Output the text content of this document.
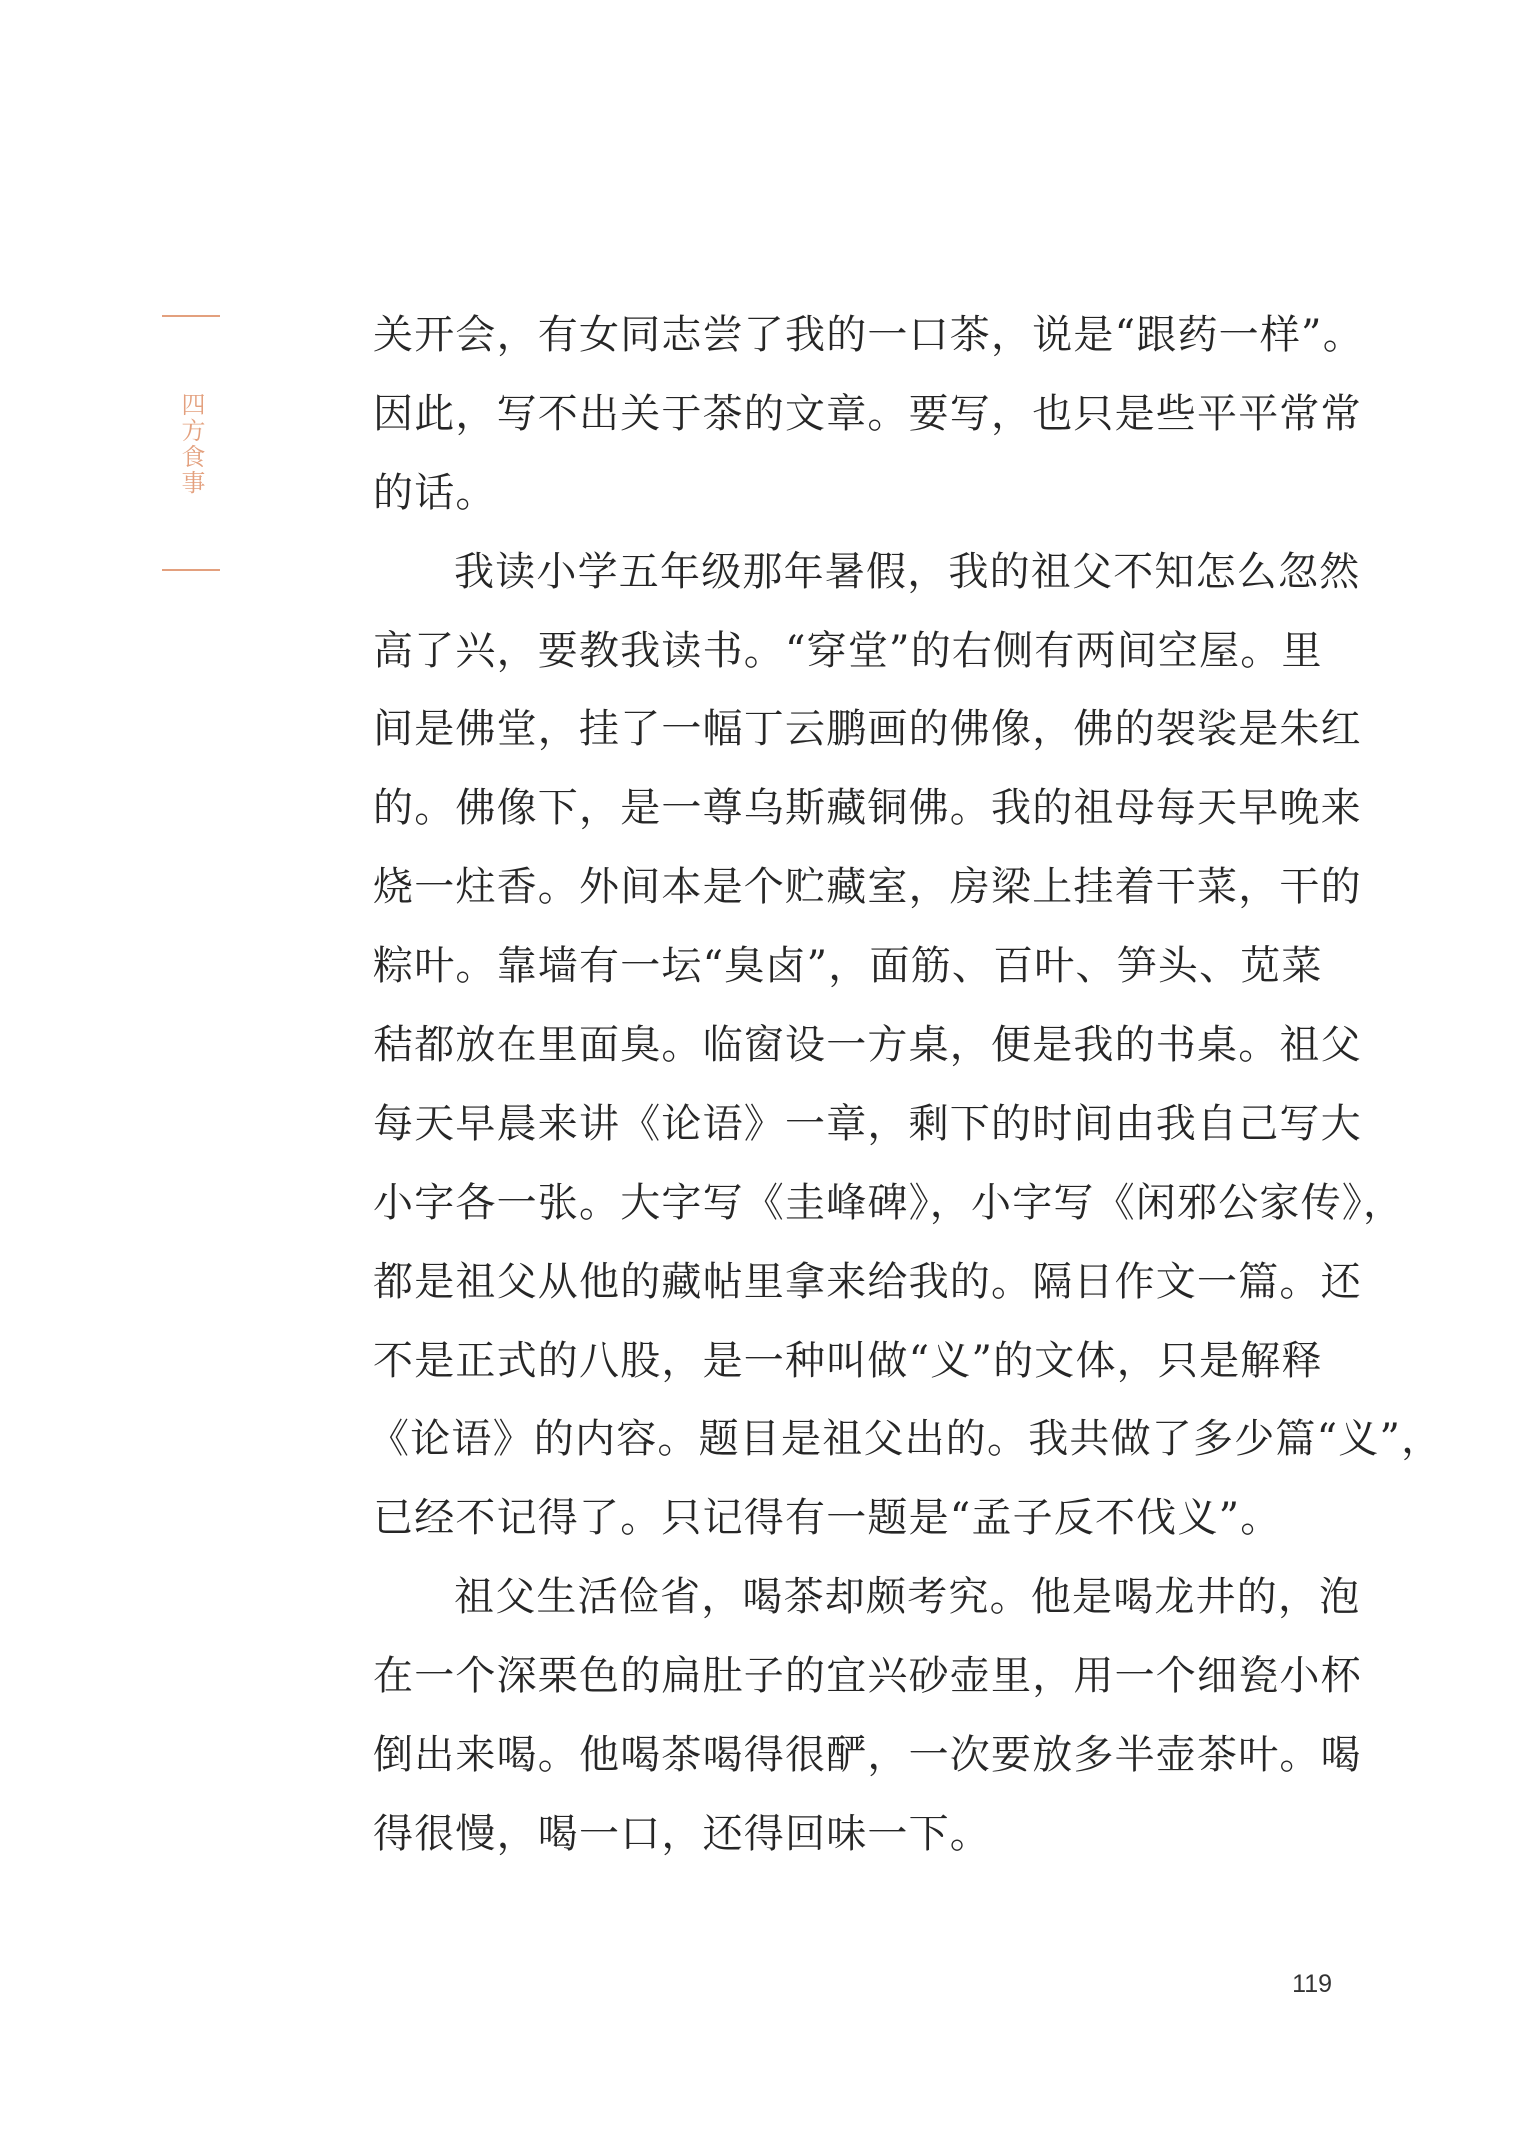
四方食事
关开会，有女同志尝了我的一口茶，说是“跟药一样”。
因此，写不出关于茶的文章。要写，也只是些平平常常
的话。
我读小学五年级那年暑假，我的祖父不知怎么忽然
高了兴，要教我读书。“穿堂”的右侧有两间空屋。里
间是佛堂，挂了一幅丁云鹏画的佛像，佛的袈裟是朱红
的。佛像下，是一尊乌斯藏铜佛。我的祖母每天早晚来
烧一炷香。外间本是个贮藏室，房梁上挂着干菜，干的
粽叶。靠墙有一坛“臭卤”，面筋、百叶、笋头、苋菜
秸都放在里面臭。临窗设一方桌，便是我的书桌。祖父
每天早晨来讲《论语》一章，剩下的时间由我自己写大
小字各一张。大字写《圭峰碑》，小字写《闲邪公家传》，
都是祖父从他的藏帖里拿来给我的。隔日作文一篇。还
不是正式的八股，是一种叫做“义”的文体，只是解释
《论语》的内容。题目是祖父出的。我共做了多少篇“义”，
已经不记得了。只记得有一题是“孟子反不伐义”。
祖父生活俭省，喝茶却颇考究。他是喝龙井的，泡
在一个深栗色的扁肚子的宜兴砂壶里，用一个细瓷小杯
倒出来喝。他喝茶喝得很酽，一次要放多半壶茶叶。喝
得很慢，喝一口，还得回味一下。
119
